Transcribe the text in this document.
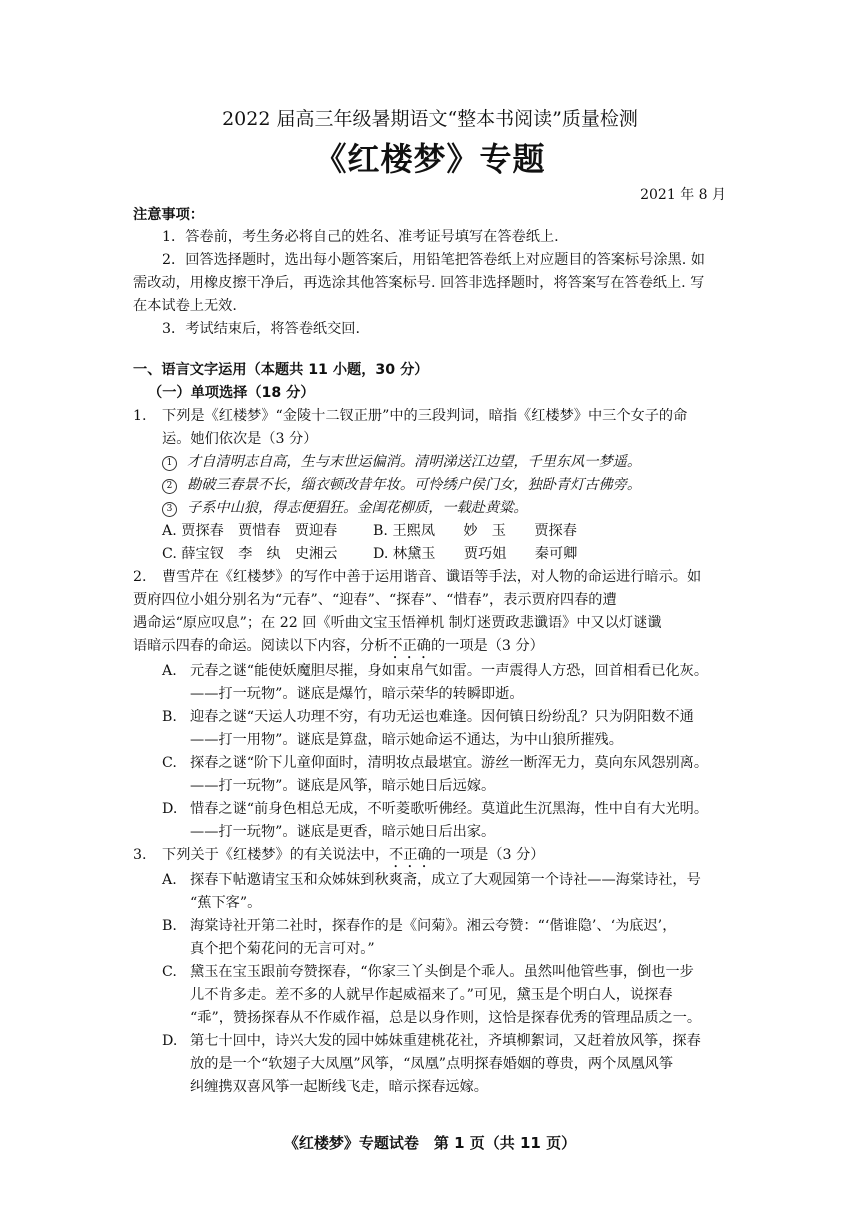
2022 届高三年级暑期语文“整本书阅读”质量检测
《红楼梦》专题
2021 年 8 月
注意事项：
1．答卷前，考生务必将自己的姓名、准考证号填写在答卷纸上.
2．回答选择题时，选出每小题答案后，用铅笔把答卷纸上对应题目的答案标号涂黑. 如
需改动，用橡皮擦干净后，再选涂其他答案标号. 回答非选择题时，将答案写在答卷纸上. 写
在本试卷上无效.
3．考试结束后，将答卷纸交回.
一、语言文字运用（本题共 11 小题，30 分）
（一）单项选择（18 分）
1. 下列是《红楼梦》“金陵十二钗正册”中的三段判词，暗指《红楼梦》中三个女子的命
运。她们依次是（3 分）
1 才自清明志自高，生与末世运偏消。清明涕送江边望，千里东风一梦遥。
2 勘破三春景不长，缁衣顿改昔年妆。可怜绣户侯门女，独卧青灯古佛旁。
3 子系中山狼，得志便猖狂。金闺花柳质，一载赴黄粱。
A. 贾探春　贾惜春　贾迎春	B. 王熙凤　　妙　玉　　贾探春
C. 薛宝钗　李　纨　史湘云	D. 林黛玉　　贾巧姐　　秦可卿
2. 曹雪芹在《红楼梦》的写作中善于运用谐音、谶语等手法，对人物的命运进行暗示。如
贾府四位小姐分别名为“元春”、“迎春”、“探春”、“惜春”，表示贾府四春的遭
遇命运“原应叹息”；在 22 回《听曲文宝玉悟禅机 制灯迷贾政悲谶语》中又以灯谜谶
语暗示四春的命运。阅读以下内容，分析不正确的一项是（3 分）
A. 元春之谜“能使妖魔胆尽摧，身如束帛气如雷。一声震得人方恐，回首相看已化灰。
——打一玩物”。谜底是爆竹，暗示荣华的转瞬即逝。
B. 迎春之谜“天运人功理不穷，有功无运也难逢。因何镇日纷纷乱？只为阴阳数不通
——打一用物”。谜底是算盘，暗示她命运不通达，为中山狼所摧残。
C. 探春之谜“阶下儿童仰面时，清明妆点最堪宜。游丝一断浑无力，莫向东风怨别离。
——打一玩物”。谜底是风筝，暗示她日后远嫁。
D. 惜春之谜“前身色相总无成，不听菱歌听佛经。莫道此生沉黑海，性中自有大光明。
——打一玩物”。谜底是更香，暗示她日后出家。
3. 下列关于《红楼梦》的有关说法中，不正确的一项是（3 分）
A. 探春下帖邀请宝玉和众姊妹到秋爽斋，成立了大观园第一个诗社——海棠诗社，号
“蕉下客”。
B. 海棠诗社开第二社时，探春作的是《问菊》。湘云夸赞：“‘偕谁隐’、‘为底迟’，
真个把个菊花问的无言可对。”
C. 黛玉在宝玉跟前夸赞探春，“你家三丫头倒是个乖人。虽然叫他管些事，倒也一步
儿不肯多走。差不多的人就早作起威福来了。”可见，黛玉是个明白人，说探春
“乖”，赞扬探春从不作威作福，总是以身作则，这恰是探春优秀的管理品质之一。
D. 第七十回中，诗兴大发的园中姊妹重建桃花社，齐填柳絮词，又赶着放风筝，探春
放的是一个“软翅子大凤凰”风筝，“凤凰”点明探春婚姻的尊贵，两个凤凰风筝
纠缠携双喜风筝一起断线飞走，暗示探春远嫁。
《红楼梦》专题试卷　第 1 页（共 11 页）
